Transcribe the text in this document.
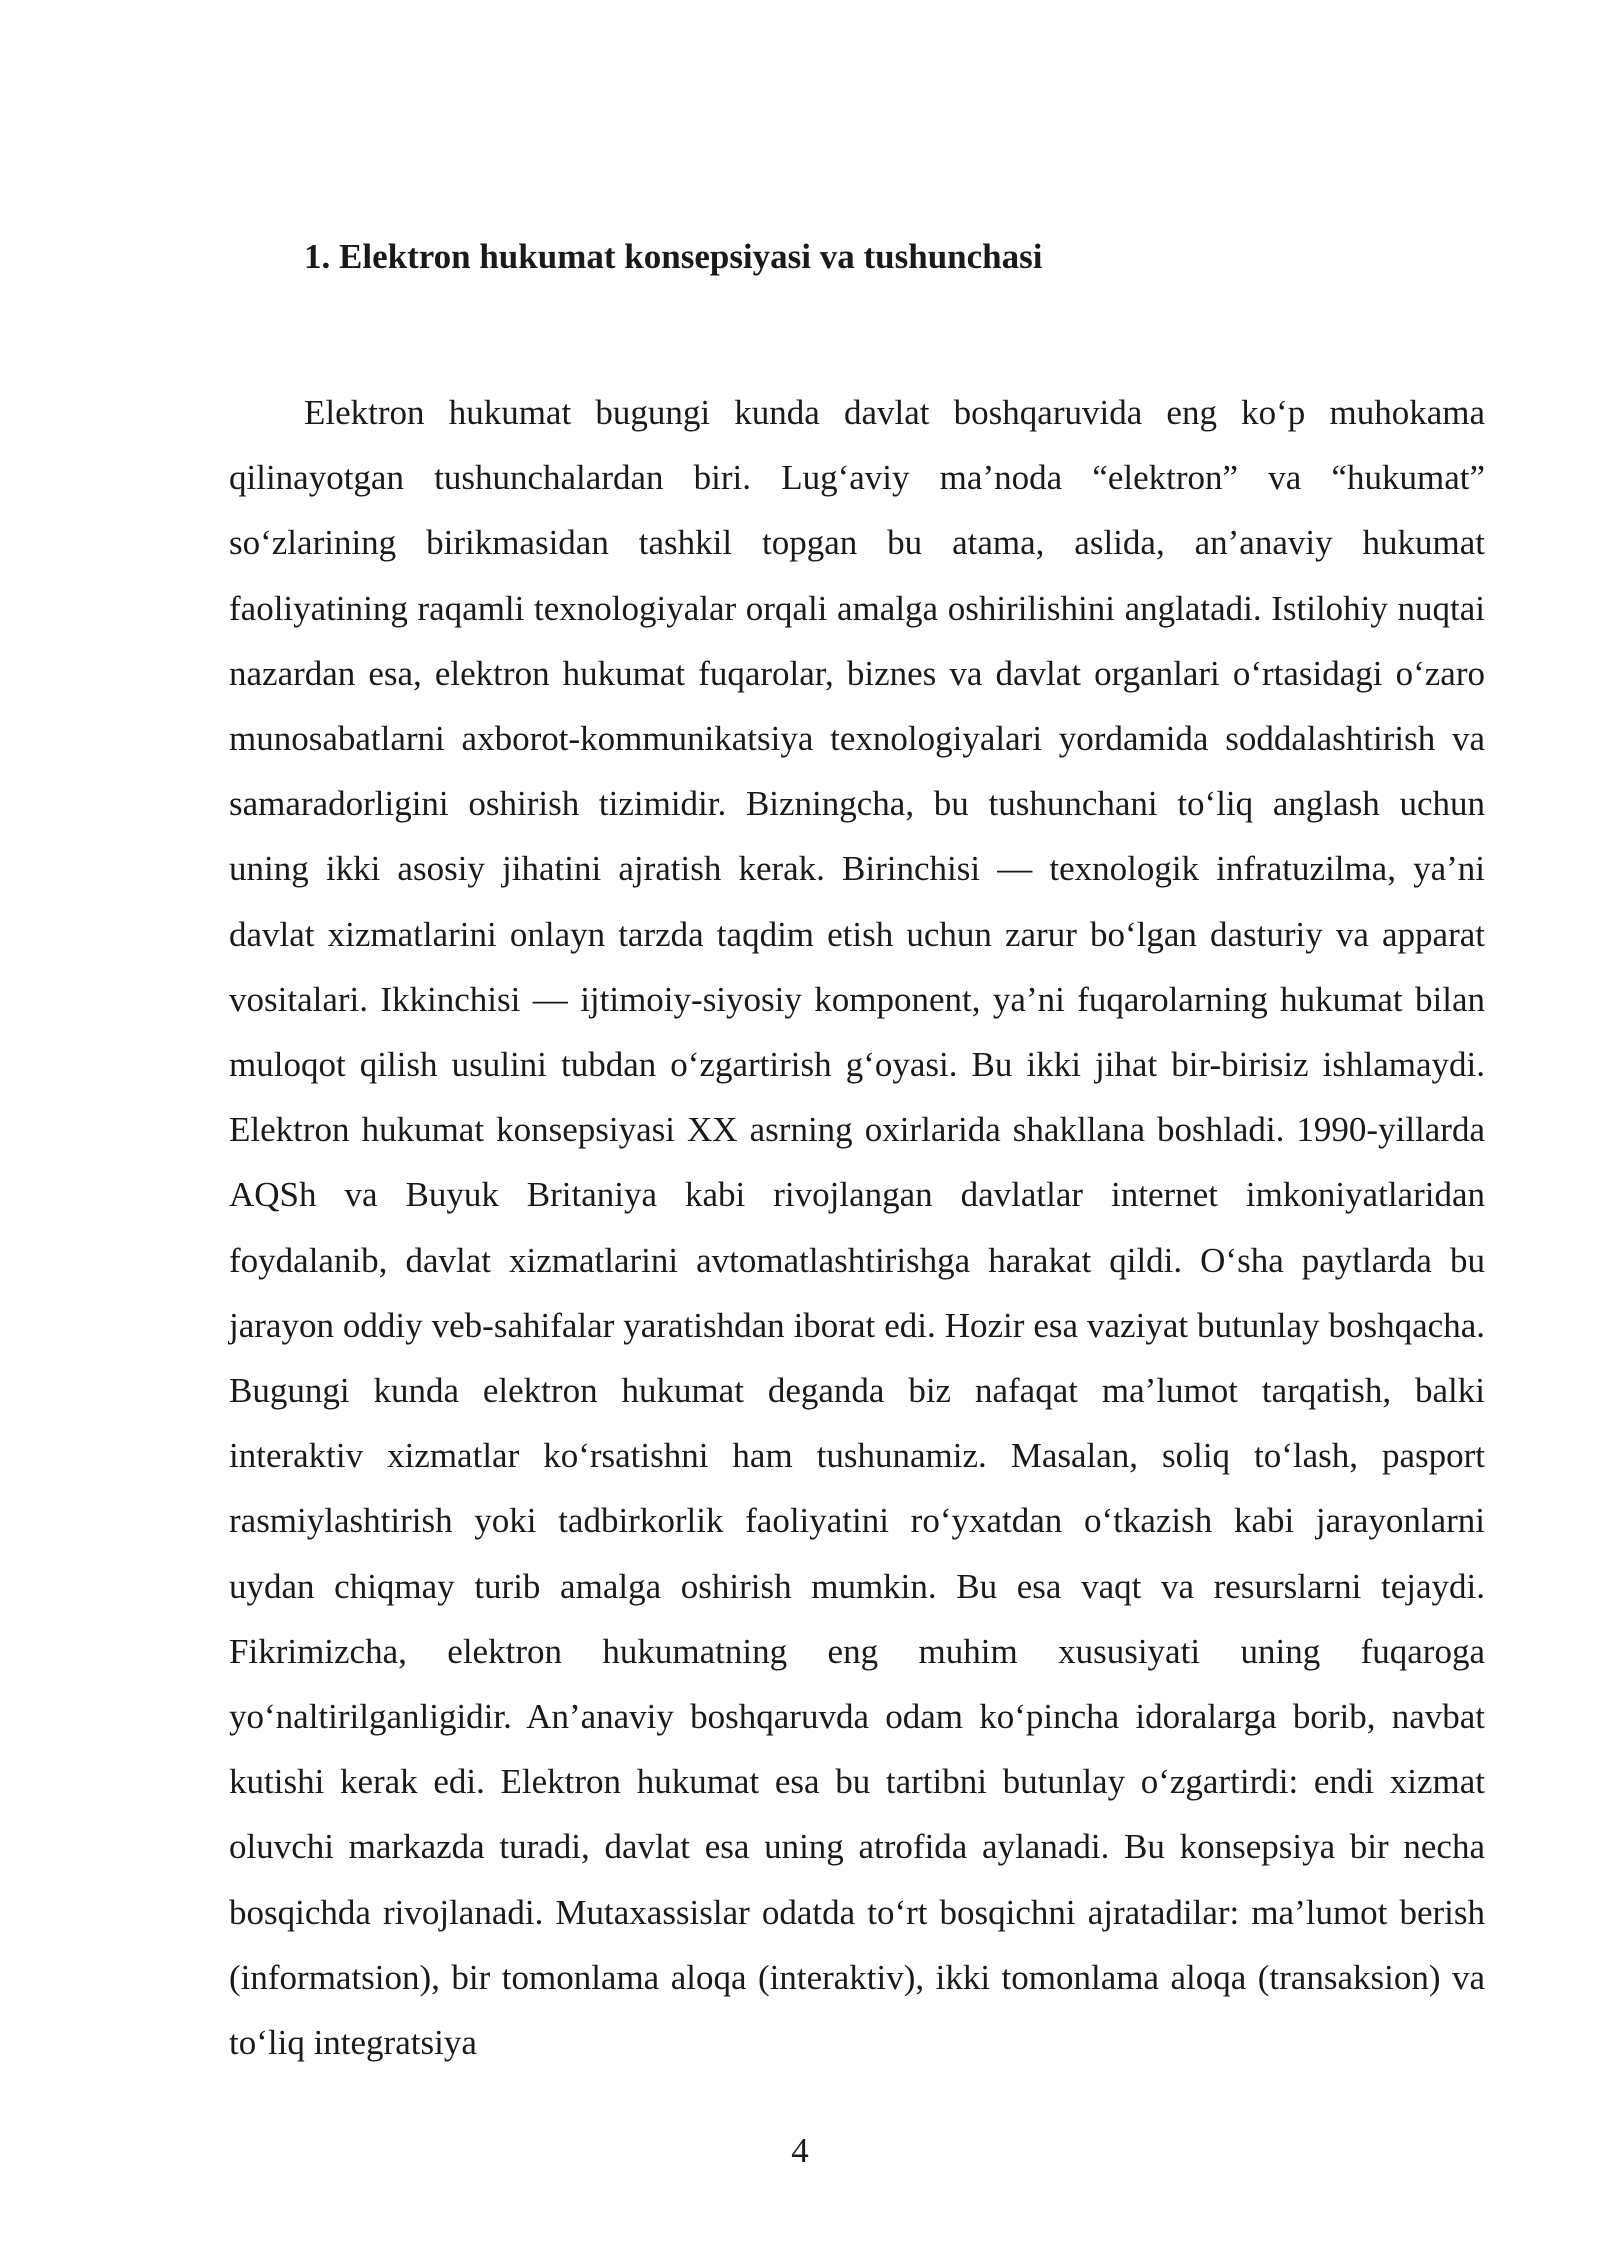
1. Elektron hukumat konsepsiyasi va tushunchasi

Elektron hukumat bugungi kunda davlat boshqaruvida eng ko‘p muhokama qilinayotgan tushunchalardan biri. Lug‘aviy ma’noda “elektron” va “hukumat” so‘zlarining birikmasidan tashkil topgan bu atama, aslida, an’anaviy hukumat faoliyatining raqamli texnologiyalar orqali amalga oshirilishini anglatadi. Istilohiy nuqtai nazardan esa, elektron hukumat fuqarolar, biznes va davlat organlari o‘rtasidagi o‘zaro munosabatlarni axborot-kommunikatsiya texnologiyalari yordamida soddalashtirish va samaradorligini oshirish tizimidir. Bizningcha, bu tushunchani to‘liq anglash uchun uning ikki asosiy jihatini ajratish kerak. Birinchisi — texnologik infratuzilma, ya’ni davlat xizmatlarini onlayn tarzda taqdim etish uchun zarur bo‘lgan dasturiy va apparat vositalari. Ikkinchisi — ijtimoiy-siyosiy komponent, ya’ni fuqarolarning hukumat bilan muloqot qilish usulini tubdan o‘zgartirish g‘oyasi. Bu ikki jihat bir-birisiz ishlamaydi. Elektron hukumat konsepsiyasi XX asrning oxirlarida shakllana boshladi. 1990-yillarda AQSh va Buyuk Britaniya kabi rivojlangan davlatlar internet imkoniyatlaridan foydalanib, davlat xizmatlarini avtomatlashtirishga harakat qildi. O‘sha paytlarda bu jarayon oddiy veb-sahifalar yaratishdan iborat edi. Hozir esa vaziyat butunlay boshqacha. Bugungi kunda elektron hukumat deganda biz nafaqat ma’lumot tarqatish, balki interaktiv xizmatlar ko‘rsatishni ham tushunamiz. Masalan, soliq to‘lash, pasport rasmiylashtirish yoki tadbirkorlik faoliyatini ro‘yxatdan o‘tkazish kabi jarayonlarni uydan chiqmay turib amalga oshirish mumkin. Bu esa vaqt va resurslarni tejaydi. Fikrimizcha, elektron hukumatning eng muhim xususiyati uning fuqaroga yo‘naltirilganligidir. An’anaviy boshqaruvda odam ko‘pincha idoralarga borib, navbat kutishi kerak edi. Elektron hukumat esa bu tartibni butunlay o‘zgartirdi: endi xizmat oluvchi markazda turadi, davlat esa uning atrofida aylanadi. Bu konsepsiya bir necha bosqichda rivojlanadi. Mutaxassislar odatda to‘rt bosqichni ajratadilar: ma’lumot berish (informatsion), bir tomonlama aloqa (interaktiv), ikki tomonlama aloqa (transaksion) va to‘liq integratsiya

4
